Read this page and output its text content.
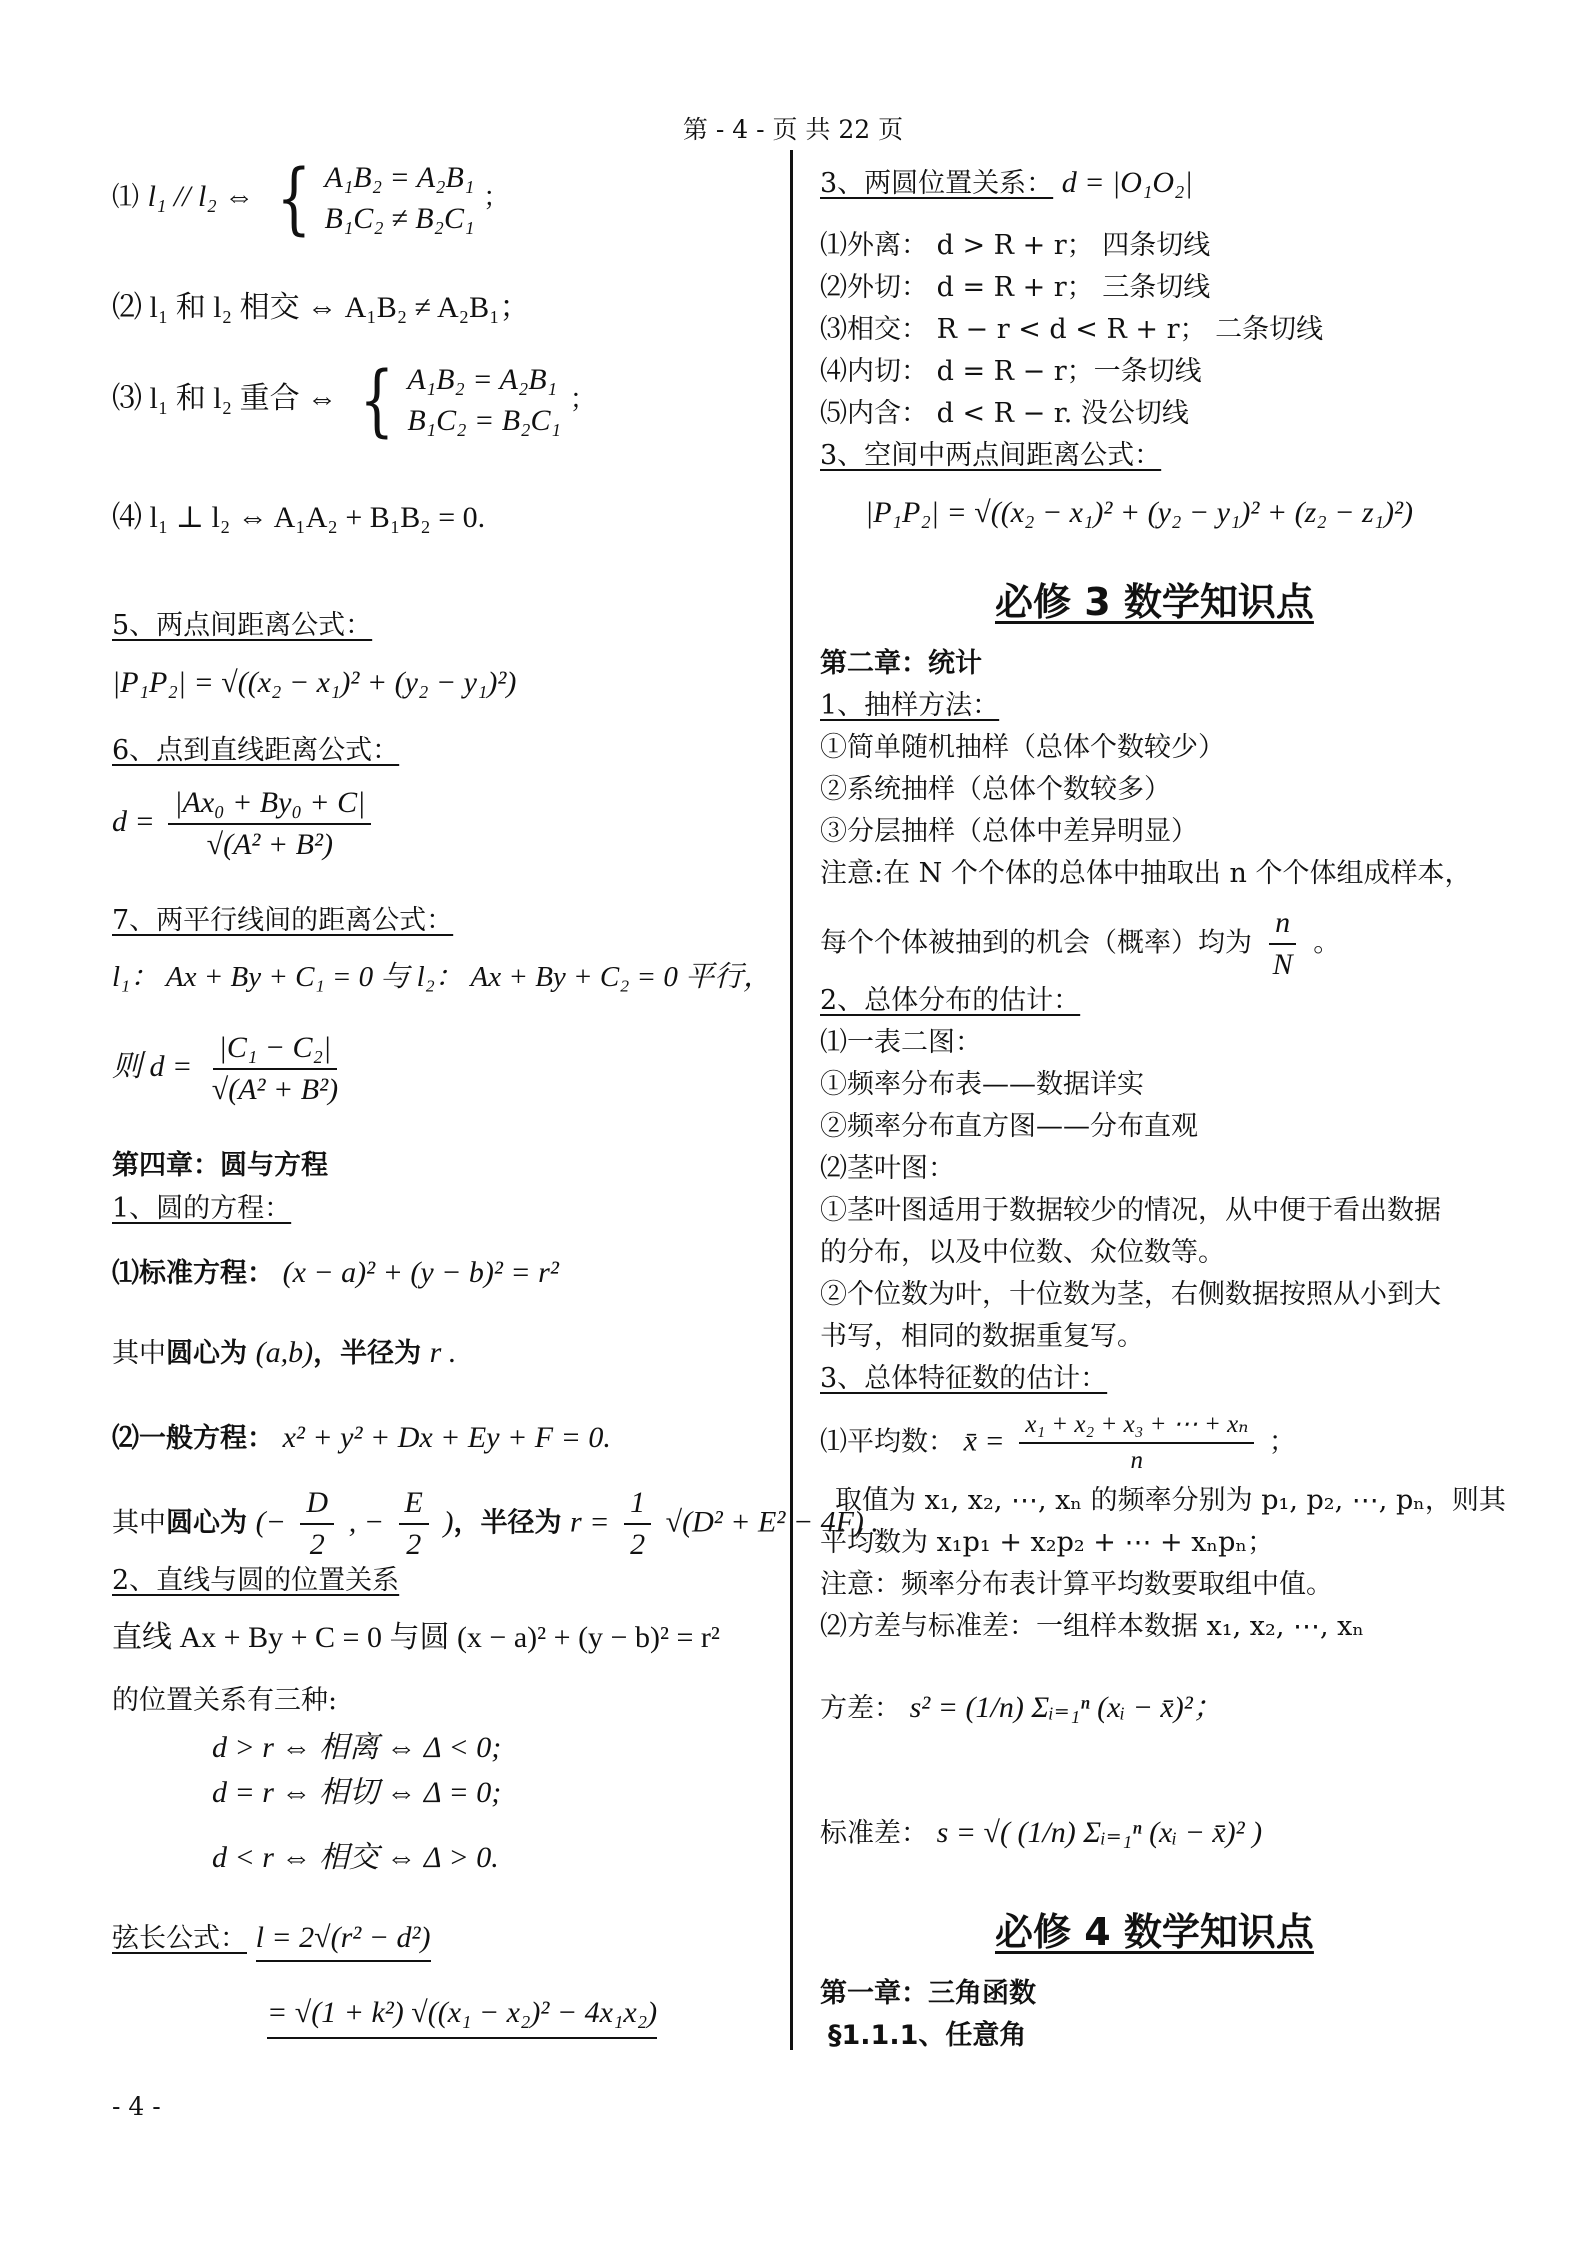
第 - 4 - 页 共 22 页
⑴ l₁ // l₂ ⇔ { A₁B₂ = A₂B₁
B₁C₂ ≠ B₂C₁
；
⑵ l₁ 和 l₂ 相交 ⇔ A₁B₂ ≠ A₂B₁；
⑶ l₁ 和 l₂ 重合 ⇔ { A₁B₂ = A₂B₁
B₁C₂ = B₂C₁
；
⑷ l₁ ⊥ l₂ ⇔ A₁A₂ + B₁B₂ = 0.
5、两点间距离公式：
|P₁P₂| = √((x₂ − x₁)² + (y₂ − y₁)²)
6、点到直线距离公式：
$d = \frac{\text{|Ax₀ + By₀ + C|}}{\text{√(A² + B²)}}$
7、两平行线间的距离公式：
l₁： Ax + By + C₁ = 0 与 l₂： Ax + By + C₂ = 0 平行，
则 $d = \frac{\text{|C₁ − C₂|}}{\text{√(A² + B²)}}$
第四章：圆与方程
1、圆的方程：
⑴标准方程： (x − a)² + (y − b)² = r²
其中圆心为 (a,b)，半径为 r .
⑵一般方程： x² + y² + Dx + Ey + F = 0.
其中圆心为 (− $\frac{D}{2}$ , − $\frac{E}{2}$ )，半径为 $r = \frac{1}{2} √(D^2 + E^2 - 4F)$ .
2、直线与圆的位置关系
直线 Ax + By + C = 0 与圆 (x − a)² + (y − b)² = r²
的位置关系有三种:
d > r ⇔ 相离 ⇔ Δ < 0;
d = r ⇔ 相切 ⇔ Δ = 0;
d < r ⇔ 相交 ⇔ Δ > 0.
弦长公式： l = 2√(r² − d²)
= √(1 + k²) √((x₁ − x₂)² − 4x₁x₂)
3、两圆位置关系： d = |O₁O₂|
⑴外离： d > R + r； 四条切线
⑵外切： d = R + r； 三条切线
⑶相交： R − r < d < R + r； 二条切线
⑷内切： d = R − r；一条切线
⑸内含： d < R − r. 没公切线
3、空间中两点间距离公式：
|P₁P₂| = √((x₂ − x₁)² + (y₂ − y₁)² + (z₂ − z₁)²)
必修 3 数学知识点
第二章：统计
1、抽样方法：
①简单随机抽样（总体个数较少）
②系统抽样（总体个数较多）
③分层抽样（总体中差异明显）
注意:在 N 个个体的总体中抽取出 n 个个体组成样本，
每个个体被抽到的机会（概率）均为 $\frac{n}{N}$ 。
2、总体分布的估计：
⑴一表二图：
①频率分布表——数据详实
②频率分布直方图——分布直观
⑵茎叶图：
①茎叶图适用于数据较少的情况，从中便于看出数据
的分布，以及中位数、众位数等。
②个位数为叶，十位数为茎，右侧数据按照从小到大
书写，相同的数据重复写。
3、总体特征数的估计：
⑴平均数： x̄ = $\frac{\text{x₁ + x₂ + x₃ + ⋯ + xₙ}}{n}$ ；
取值为 x₁, x₂, ⋯, xₙ 的频率分别为 p₁, p₂, ⋯, pₙ，则其
平均数为 x₁p₁ + x₂p₂ + ⋯ + xₙpₙ；
注意：频率分布表计算平均数要取组中值。
⑵方差与标准差：一组样本数据 x₁, x₂, ⋯, xₙ
方差： s² = (1/n) Σᵢ₌₁ⁿ (xᵢ − x̄)²；
标准差： s = √( (1/n) Σᵢ₌₁ⁿ (xᵢ − x̄)² )
必修 4 数学知识点
第一章：三角函数
§1.1.1、任意角
- 4 -
